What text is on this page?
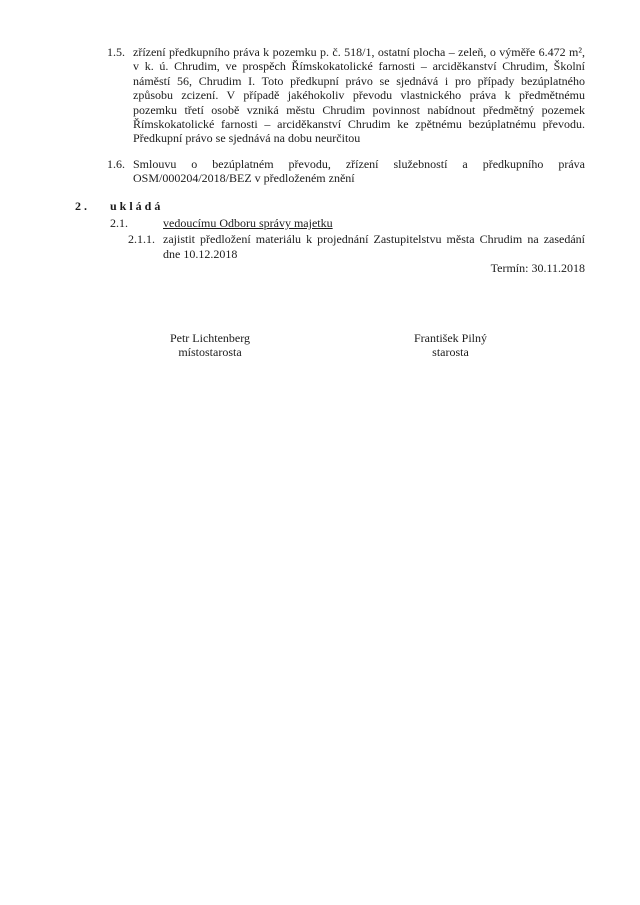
1.5. zřízení předkupního práva k pozemku p. č. 518/1, ostatní plocha – zeleň, o výměře 6.472 m²,
v k. ú. Chrudim, ve prospěch Římskokatolické farnosti – arciděkanství Chrudim, Školní
náměstí 56, Chrudim I. Toto předkupní právo se sjednává i pro případy bezúplatného
způsobu zcizení. V případě jakéhokoliv převodu vlastnického práva k předmětnému
pozemku třetí osobě vzniká městu Chrudim povinnost nabídnout předmětný pozemek
Římskokatolické farnosti – arciděkanství Chrudim ke zpětnému bezúplatnému převodu.
Předkupní právo se sjednává na dobu neurčitou
1.6. Smlouvu o bezúplatném převodu, zřízení služebností a předkupního práva
OSM/000204/2018/BEZ v předloženém znění
2 . u k l á d á
2.1.	vedoucímu Odboru správy majetku
2.1.1. zajistit předložení materiálu k projednání Zastupitelstvu města Chrudim na zasedání
dne 10.12.2018
Termín: 30.11.2018
Petr Lichtenberg
místostarosta
František Pilný
starosta
